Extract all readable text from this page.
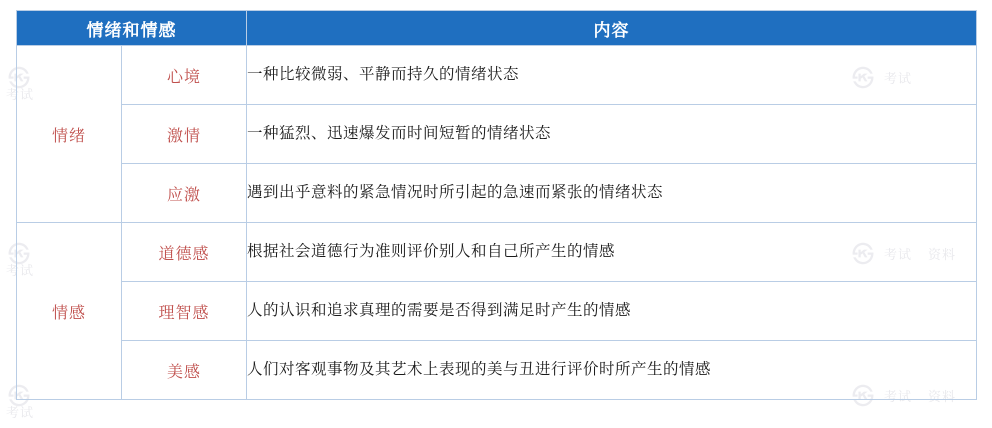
㉿
考试
㉿ 考试
㉿
考试
㉿ 考试
㉿
考试
㉿ 考试
资料
资料
情绪和情感		内容
情绪	心境	一种比较微弱、平静而持久的情绪状态
	激情	一种猛烈、迅速爆发而时间短暂的情绪状态
	应激	遇到出乎意料的紧急情况时所引起的急速而紧张的情绪状态
情感	道德感	根据社会道德行为准则评价别人和自己所产生的情感
	理智感	人的认识和追求真理的需要是否得到满足时产生的情感
	美感	人们对客观事物及其艺术上表现的美与丑进行评价时所产生的情感
